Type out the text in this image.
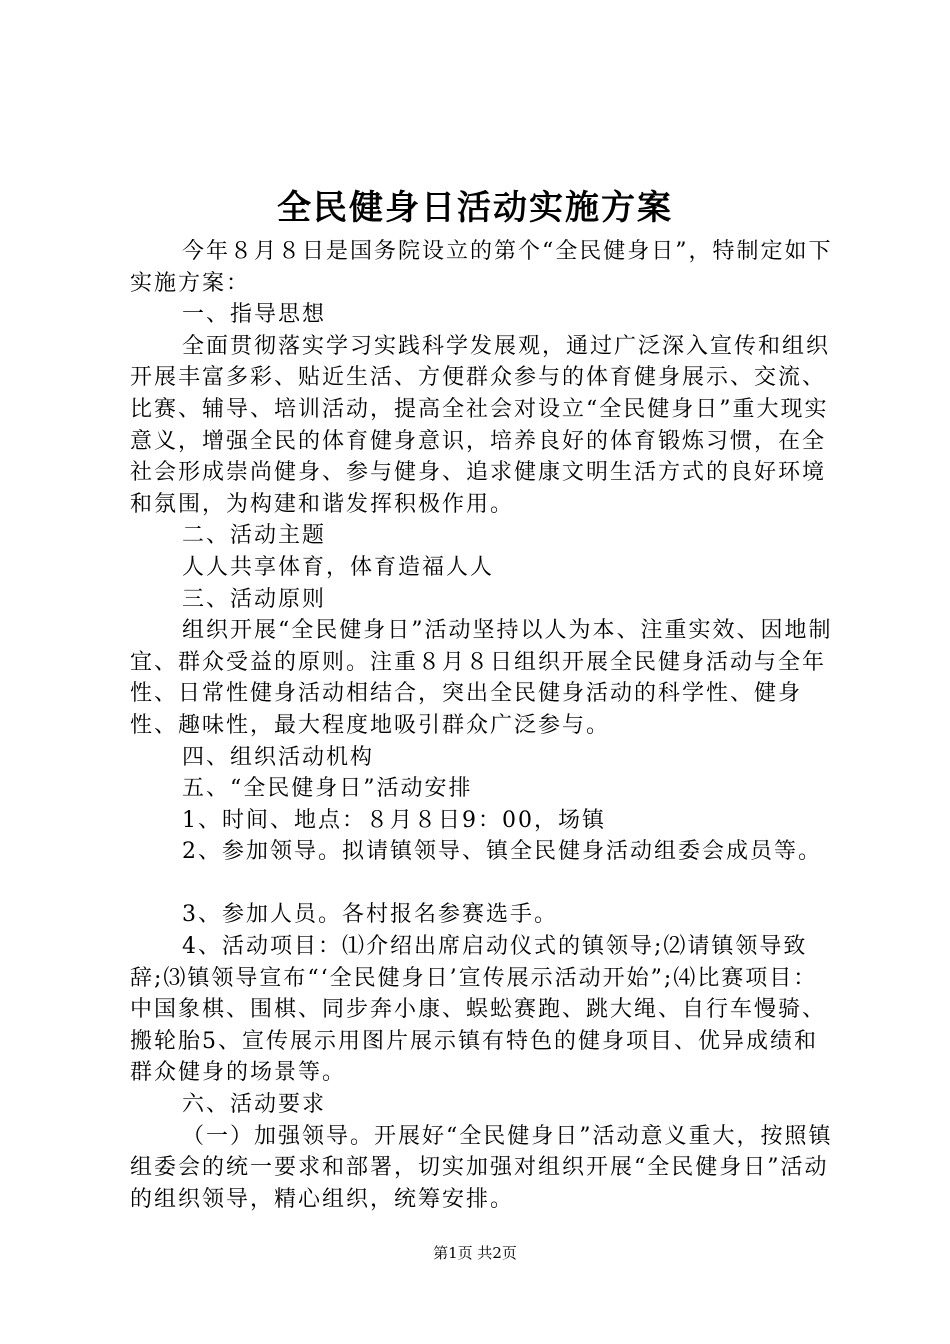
全民健身日活动实施方案

今年８月８日是国务院设立的第个“全民健身日”，特制定如下实施方案：

一、指导思想

全面贯彻落实学习实践科学发展观，通过广泛深入宣传和组织开展丰富多彩、贴近生活、方便群众参与的体育健身展示、交流、比赛、辅导、培训活动，提高全社会对设立“全民健身日”重大现实意义，增强全民的体育健身意识，培养良好的体育锻炼习惯，在全社会形成崇尚健身、参与健身、追求健康文明生活方式的良好环境和氛围，为构建和谐发挥积极作用。

二、活动主题

人人共享体育，体育造福人人

三、活动原则

组织开展“全民健身日”活动坚持以人为本、注重实效、因地制宜、群众受益的原则。注重８月８日组织开展全民健身活动与全年性、日常性健身活动相结合，突出全民健身活动的科学性、健身性、趣味性，最大程度地吸引群众广泛参与。

四、组织活动机构

五、“全民健身日”活动安排

1、时间、地点：８月８日9：00，场镇

2、参加领导。拟请镇领导、镇全民健身活动组委会成员等。

3、参加人员。各村报名参赛选手。

4、活动项目：⑴介绍出席启动仪式的镇领导;⑵请镇领导致辞;⑶镇领导宣布“‘全民健身日’宣传展示活动开始”;⑷比赛项目：中国象棋、围棋、同步奔小康、蜈蚣赛跑、跳大绳、自行车慢骑、搬轮胎5、宣传展示用图片展示镇有特色的健身项目、优异成绩和群众健身的场景等。

六、活动要求

（一）加强领导。开展好“全民健身日”活动意义重大，按照镇组委会的统一要求和部署，切实加强对组织开展“全民健身日”活动的组织领导，精心组织，统筹安排。

第1页 共2页
